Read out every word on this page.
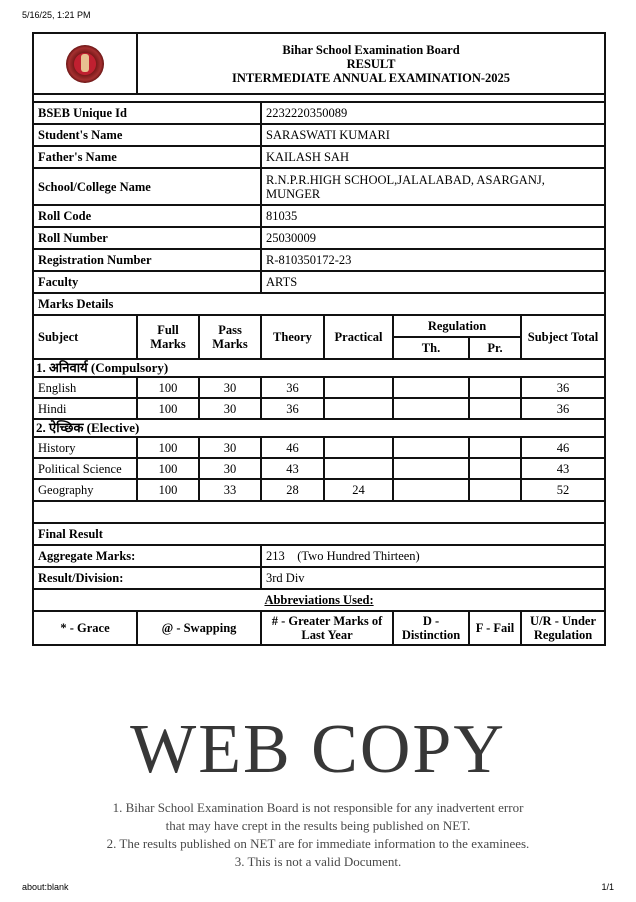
5/16/25, 1:21 PM

	Bihar School Examination Board
RESULT
INTERMEDIATE ANNUAL EXAMINATION-2025						

BSEB Unique Id			2232220350089				
Student's Name			SARASWATI KUMARI				
Father's Name			KAILASH SAH				
School/College Name			R.N.P.R.HIGH SCHOOL,JALALABAD, ASARGANJ, MUNGER				
Roll Code			81035				
Roll Number			25030009				
Registration Number			R-810350172-23				
Faculty			ARTS				
Marks Details							
Subject	Full Marks	Pass Marks	Theory	Practical	Regulation		Subject Total
					Th.	Pr.	
1. अनिवार्य (Compulsory)							
English	100	30	36				36
Hindi	100	30	36				36
2. ऐच्छिक (Elective)							
History	100	30	46				46
Political Science	100	30	43				43
Geography	100	33	28	24			52

Final Result							
Aggregate Marks:			213 (Two Hundred Thirteen)				
Result/Division:			3rd Div				
Abbreviations Used:							
* - Grace	@ - Swapping		# - Greater Marks of Last Year		D - Distinction	F - Fail	U/R - Under Regulation
WEB COPY
1. Bihar School Examination Board is not responsible for any inadvertent error
that may have crept in the results being published on NET.
2. The results published on NET are for immediate information to the examinees.
3. This is not a valid Document.
about:blank	1/1
